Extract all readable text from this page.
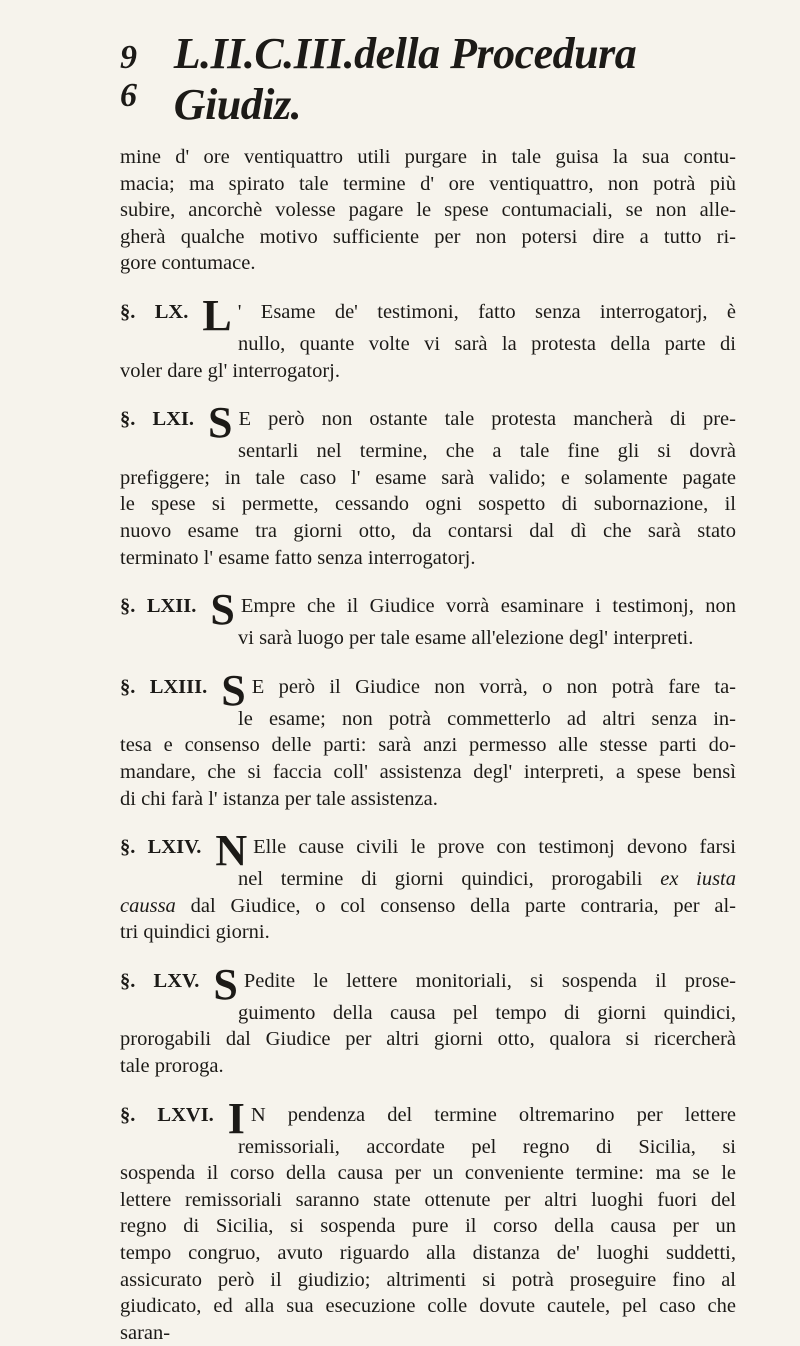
9 6
L.II.C.III.della Procedura Giudiz.

mine d' ore ventiquattro utili purgare in tale guisa la sua contu-
macia; ma spirato tale termine d' ore ventiquattro, non potrà più
subire, ancorchè volesse pagare le spese contumaciali, se non alle-
gherà qualche motivo sufficiente per non potersi dire a tutto ri-
gore contumace.

§. LX. L ' Esame de' testimoni, fatto senza interrogatorj, è
nullo, quante volte vi sarà la protesta della parte di
voler dare gl' interrogatorj.

§. LXI. S E però non ostante tale protesta mancherà di pre-
sentarli nel termine, che a tale fine gli si dovrà
prefiggere; in tale caso l' esame sarà valido; e solamente pagate
le spese si permette, cessando ogni sospetto di subornazione, il
nuovo esame tra giorni otto, da contarsi dal dì che sarà stato
terminato l' esame fatto senza interrogatorj.

§. LXII. S Empre che il Giudice vorrà esaminare i testimonj, non
vi sarà luogo per tale esame all'elezione degl' interpreti.

§. LXIII. S E però il Giudice non vorrà, o non potrà fare ta-
le esame; non potrà commetterlo ad altri senza in-
tesa e consenso delle parti: sarà anzi permesso alle stesse parti do-
mandare, che si faccia coll' assistenza degl' interpreti, a spese bensì
di chi farà l' istanza per tale assistenza.

§. LXIV. N Elle cause civili le prove con testimonj devono farsi
nel termine di giorni quindici, prorogabili ex iusta
caussa dal Giudice, o col consenso della parte contraria, per al-
tri quindici giorni.

§. LXV. S Pedite le lettere monitoriali, si sospenda il prose-
guimento della causa pel tempo di giorni quindici,
prorogabili dal Giudice per altri giorni otto, qualora si ricercherà
tale proroga.

§. LXVI. I N pendenza del termine oltremarino per lettere
remissoriali, accordate pel regno di Sicilia, si
sospenda il corso della causa per un conveniente termine: ma se le
lettere remissoriali saranno state ottenute per altri luoghi fuori del
regno di Sicilia, si sospenda pure il corso della causa per un
tempo congruo, avuto riguardo alla distanza de' luoghi suddetti,
assicurato però il giudizio; altrimenti si potrà proseguire fino al
giudicato, ed alla sua esecuzione colle dovute cautele, pel caso che
saran-
